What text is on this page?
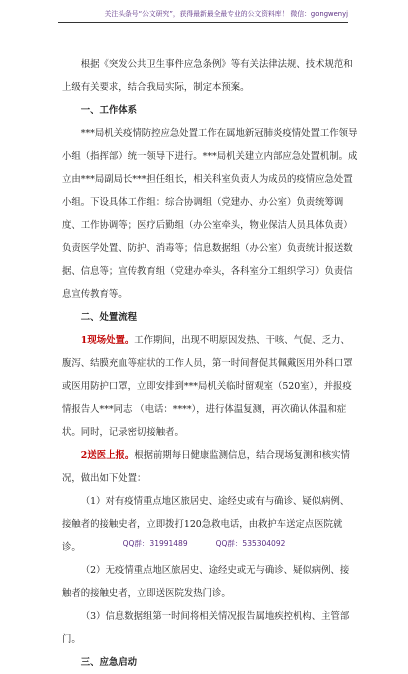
关注头条号“公文研究”，获得最新最全最专业的公文资料库！ 微信：gongwenyj

根据《突发公共卫生事件应急条例》等有关法律法规、技术规范和上级有关要求，结合我局实际，制定本预案。

一、工作体系

***局机关疫情防控应急处置工作在属地新冠肺炎疫情处置工作领导小组（指挥部）统一领导下进行。***局机关建立内部应急处置机制。成立由***局副局长***担任组长，相关科室负责人为成员的疫情应急处置小组。下设具体工作组：综合协调组（党建办、办公室）负责统筹调度、工作协调等；医疗后勤组（办公室牵头，物业保洁人员具体负责）负责医学处置、防护、消毒等；信息数据组（办公室）负责统计报送数据、信息等；宣传教育组（党建办牵头，各科室分工组织学习）负责信息宣传教育等。

二、处置流程

1现场处置。工作期间，出现不明原因发热、干咳、气促、乏力、腹泻、结膜充血等症状的工作人员，第一时间督促其佩戴医用外科口罩或医用防护口罩，立即安排到***局机关临时留观室（520室），并报疫情报告人***同志 （电话：****），进行体温复测，再次确认体温和症状。同时，记录密切接触者。

2送医上报。根据前期每日健康监测信息，结合现场复测和核实情况，做出如下处置：

（1）对有疫情重点地区旅居史、途经史或有与确诊、疑似病例、接触者的接触史者，立即拨打120急救电话，由救护车送定点医院就诊。

（2）无疫情重点地区旅居史、途经史或无与确诊、疑似病例、接触者的接触史者，立即送医院发热门诊。

（3）信息数据组第一时间将相关情况报告属地疾控机构、主管部门。

三、应急启动

QQ群：31991489	QQ群：535304092
